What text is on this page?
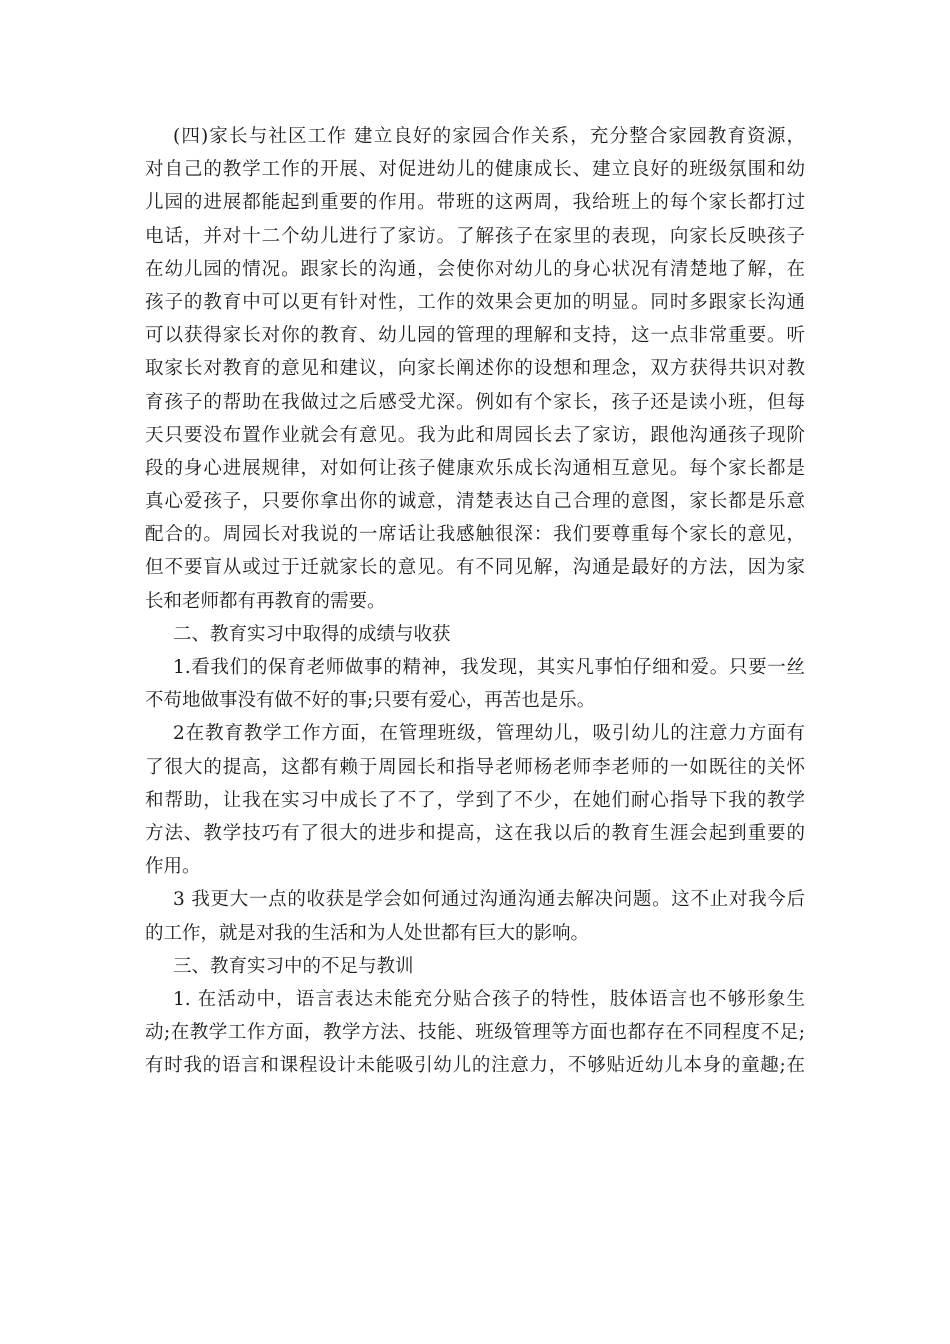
(四)家长与社区工作 建立良好的家园合作关系，充分整合家园教育资源，
对自己的教学工作的开展、对促进幼儿的健康成长、建立良好的班级氛围和幼
儿园的进展都能起到重要的作用。带班的这两周，我给班上的每个家长都打过
电话，并对十二个幼儿进行了家访。了解孩子在家里的表现，向家长反映孩子
在幼儿园的情况。跟家长的沟通，会使你对幼儿的身心状况有清楚地了解，在
孩子的教育中可以更有针对性，工作的效果会更加的明显。同时多跟家长沟通
可以获得家长对你的教育、幼儿园的管理的理解和支持，这一点非常重要。听
取家长对教育的意见和建议，向家长阐述你的设想和理念，双方获得共识对教
育孩子的帮助在我做过之后感受尤深。例如有个家长，孩子还是读小班，但每
天只要没布置作业就会有意见。我为此和周园长去了家访，跟他沟通孩子现阶
段的身心进展规律，对如何让孩子健康欢乐成长沟通相互意见。每个家长都是
真心爱孩子，只要你拿出你的诚意，清楚表达自己合理的意图，家长都是乐意
配合的。周园长对我说的一席话让我感触很深：我们要尊重每个家长的意见，
但不要盲从或过于迁就家长的意见。有不同见解，沟通是最好的方法，因为家
长和老师都有再教育的需要。
二、教育实习中取得的成绩与收获
1.看我们的保育老师做事的精神，我发现，其实凡事怕仔细和爱。只要一丝
不苟地做事没有做不好的事;只要有爱心，再苦也是乐。
2在教育教学工作方面，在管理班级，管理幼儿，吸引幼儿的注意力方面有
了很大的提高，这都有赖于周园长和指导老师杨老师李老师的一如既往的关怀
和帮助，让我在实习中成长了不了，学到了不少，在她们耐心指导下我的教学
方法、教学技巧有了很大的进步和提高，这在我以后的教育生涯会起到重要的
作用。
3 我更大一点的收获是学会如何通过沟通沟通去解决问题。这不止对我今后
的工作，就是对我的生活和为人处世都有巨大的影响。
三、教育实习中的不足与教训
1. 在活动中，语言表达未能充分贴合孩子的特性，肢体语言也不够形象生
动;在教学工作方面，教学方法、技能、班级管理等方面也都存在不同程度不足;
有时我的语言和课程设计未能吸引幼儿的注意力，不够贴近幼儿本身的童趣;在
